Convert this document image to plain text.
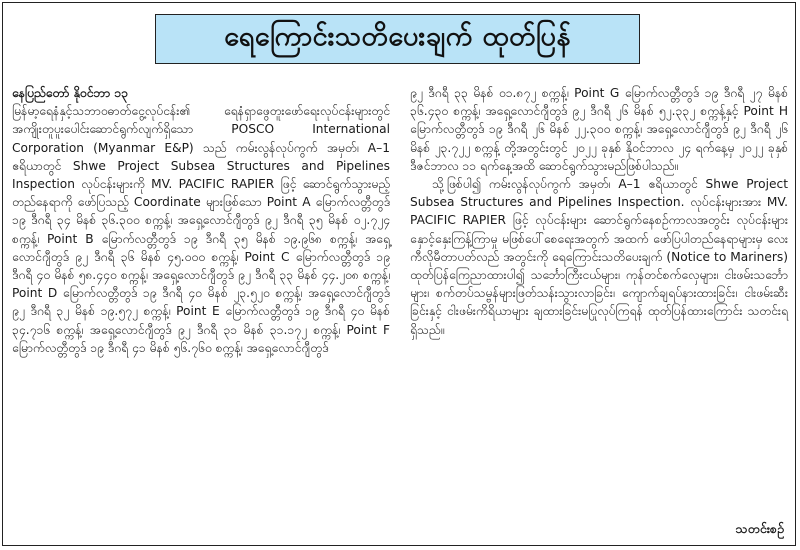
ရေကြောင်းသတိပေးချက် ထုတ်ပြန်

နေပြည်တော် နိုဝင်ဘာ ၁၃

မြန်မာ့ရေနံနှင့်သဘာဝဓာတ်ငွေ့လုပ်ငန်း၏ ရေနံရှာဖွေတူးဖော်ရေးလုပ်ငန်းများတွင် အကျိုးတူပူးပေါင်းဆောင်ရွက်လျက်ရှိသော POSCO International Corporation (Myanmar E&P) သည် ကမ်းလွန်လုပ်ကွက် အမှတ်၊ A–1 ဧရိယာတွင် Shwe Project Subsea Structures and Pipelines Inspection လုပ်ငန်းများကို MV. PACIFIC RAPIER ဖြင့် ဆောင်ရွက်သွားမည့်တည်နေရာကို ဖော်ပြသည့် Coordinate များဖြစ်သော Point A မြောက်လတ္တီတွဒ် ၁၉ ဒီဂရီ ၃၄ မိနစ် ၃၆.၃၀၀ စက္ကန့်၊ အရှေ့လောင်ဂျီတွဒ် ၉၂ ဒီဂရီ ၃၅ မိနစ် ၀၂.၇၂၄ စက္ကန့်၊ Point B မြောက်လတ္တီတွဒ် ၁၉ ဒီဂရီ ၃၅ မိနစ် ၁၉.၉၆၈ စက္ကန့်၊ အရှေ့လောင်ဂျီတွဒ် ၉၂ ဒီဂရီ ၃၆ မိနစ် ၄၅.၀၀၀ စက္ကန့်၊ Point C မြောက်လတ္တီတွဒ် ၁၉ ဒီဂရီ ၄၀ မိနစ် ၅၈.၄၄၀ စက္ကန့်၊ အရှေ့လောင်ဂျီတွဒ် ၉၂ ဒီဂရီ ၃၃ မိနစ် ၄၄.၂၀၈ စက္ကန့်၊ Point D မြောက်လတ္တီတွဒ် ၁၉ ဒီဂရီ ၄၀ မိနစ် ၂၃.၅၂၀ စက္ကန့်၊ အရှေ့လောင်ဂျီတွဒ် ၉၂ ဒီဂရီ ၃၂ မိနစ် ၁၉.၅၇၂ စက္ကန့်၊ Point E မြောက်လတ္တီတွဒ် ၁၉ ဒီဂရီ ၄၀ မိနစ် ၃၄.၇၁၆ စက္ကန့်၊ အရှေ့လောင်ဂျီတွဒ် ၉၂ ဒီဂရီ ၃၁ မိနစ် ၃၁.၁၇၂ စက္ကန့်၊ Point F မြောက်လတ္တီတွဒ် ၁၉ ဒီဂရီ ၄၁ မိနစ် ၅၆.၇၆၀ စက္ကန့်၊ အရှေ့လောင်ဂျီတွဒ်

၉၂ ဒီဂရီ ၃၃ မိနစ် ၀၁.၈၇၂ စက္ကန့်၊ Point G မြောက်လတ္တီတွဒ် ၁၉ ဒီဂရီ ၂၇ မိနစ် ၃၆.၄၃၀ စက္ကန့်၊ အရှေ့လောင်ဂျီတွဒ် ၉၂ ဒီဂရီ ၂၆ မိနစ် ၅၂.၃၃၂ စက္ကန့်နှင့် Point H မြောက်လတ္တီတွဒ် ၁၉ ဒီဂရီ ၂၆ မိနစ် ၂၂.၃၀၀ စက္ကန့်၊ အရှေ့လောင်ဂျီတွဒ် ၉၂ ဒီဂရီ ၂၆ မိနစ် ၂၃.၇၂၂ စက္ကန့် တို့အတွင်းတွင် ၂၀၂၂ ခုနှစ် နိုဝင်ဘာလ ၂၄ ရက်နေ့မှ ၂၀၂၂ ခုနှစ် ဒီဇင်ဘာလ ၁၁ ရက်နေ့အထိ ဆောင်ရွက်သွားမည်ဖြစ်ပါသည်။

သို့ဖြစ်ပါ၍ ကမ်းလွန်လုပ်ကွက် အမှတ်၊ A–1 ဧရိယာတွင် Shwe Project Subsea Structures and Pipelines Inspection. လုပ်ငန်းများအား MV. PACIFIC RAPIER ဖြင့် လုပ်ငန်းများ ဆောင်ရွက်နေစဉ်ကာလအတွင်း လုပ်ငန်းများ နှောင့်နှေးကြန့်ကြာမှု မဖြစ်ပေါ်စေရေးအတွက် အထက် ဖော်ပြပါတည်နေရာများမှ လေးကီလိုမီတာပတ်လည် အတွင်းကို ရေကြောင်းသတိပေးချက် (Notice to Mariners) ထုတ်ပြန်ကြေညာထားပါ၍ သင်္ဘောကြီးငယ်များ၊ ကုန်တင်စက်လှေများ၊ ငါးဖမ်းသင်္ဘောများ၊ စက်တပ်သမ္ဗန်များဖြတ်သန်းသွားလာခြင်း၊ ကျောက်ချရပ်နားထားခြင်း၊ ငါးဖမ်းဆီးခြင်းနှင့် ငါးဖမ်းကိရိယာများ ချထားခြင်းမပြုလုပ်ကြရန် ထုတ်ပြန်ထားကြောင်း သတင်းရရှိသည်။

သတင်းစဉ်
